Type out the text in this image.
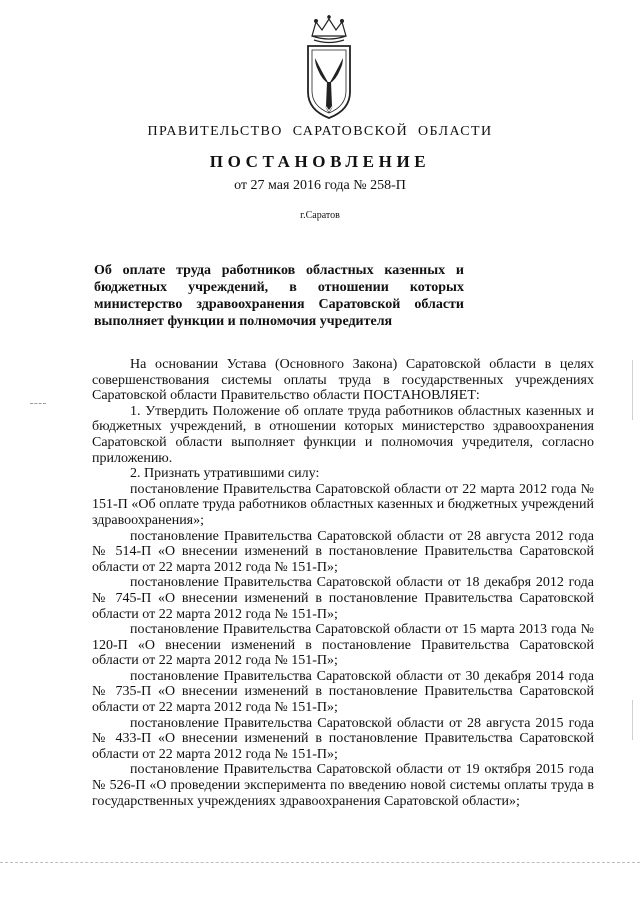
ПРАВИТЕЛЬСТВО САРАТОВСКОЙ ОБЛАСТИ
ПОСТАНОВЛЕНИЕ
от 27 мая 2016 года № 258-П
г.Саратов
Об оплате труда работников областных казенных и бюджетных учреждений, в отношении которых министерство здравоохранения Саратовской области выполняет функции и полномочия учредителя

На основании Устава (Основного Закона) Саратовской области в целях совершенствования системы оплаты труда в государственных учреждениях Саратовской области Правительство области ПОСТАНОВЛЯЕТ:

1. Утвердить Положение об оплате труда работников областных казенных и бюджетных учреждений, в отношении которых министерство здравоохранения Саратовской области выполняет функции и полномочия учредителя, согласно приложению.

2. Признать утратившими силу:

постановление Правительства Саратовской области от 22 марта 2012 года № 151-П «Об оплате труда работников областных казенных и бюджетных учреждений здравоохранения»;

постановление Правительства Саратовской области от 28 августа 2012 года № 514-П «О внесении изменений в постановление Правительства Саратовской области от 22 марта 2012 года № 151-П»;

постановление Правительства Саратовской области от 18 декабря 2012 года № 745-П «О внесении изменений в постановление Правительства Саратовской области от 22 марта 2012 года № 151-П»;

постановление Правительства Саратовской области от 15 марта 2013 года № 120-П «О внесении изменений в постановление Правительства Саратовской области от 22 марта 2012 года № 151-П»;

постановление Правительства Саратовской области от 30 декабря 2014 года № 735-П «О внесении изменений в постановление Правительства Саратовской области от 22 марта 2012 года № 151-П»;

постановление Правительства Саратовской области от 28 августа 2015 года № 433-П «О внесении изменений в постановление Правительства Саратовской области от 22 марта 2012 года № 151-П»;

постановление Правительства Саратовской области от 19 октября 2015 года № 526-П «О проведении эксперимента по введению новой системы оплаты труда в государственных учреждениях здравоохранения Саратовской области»;
